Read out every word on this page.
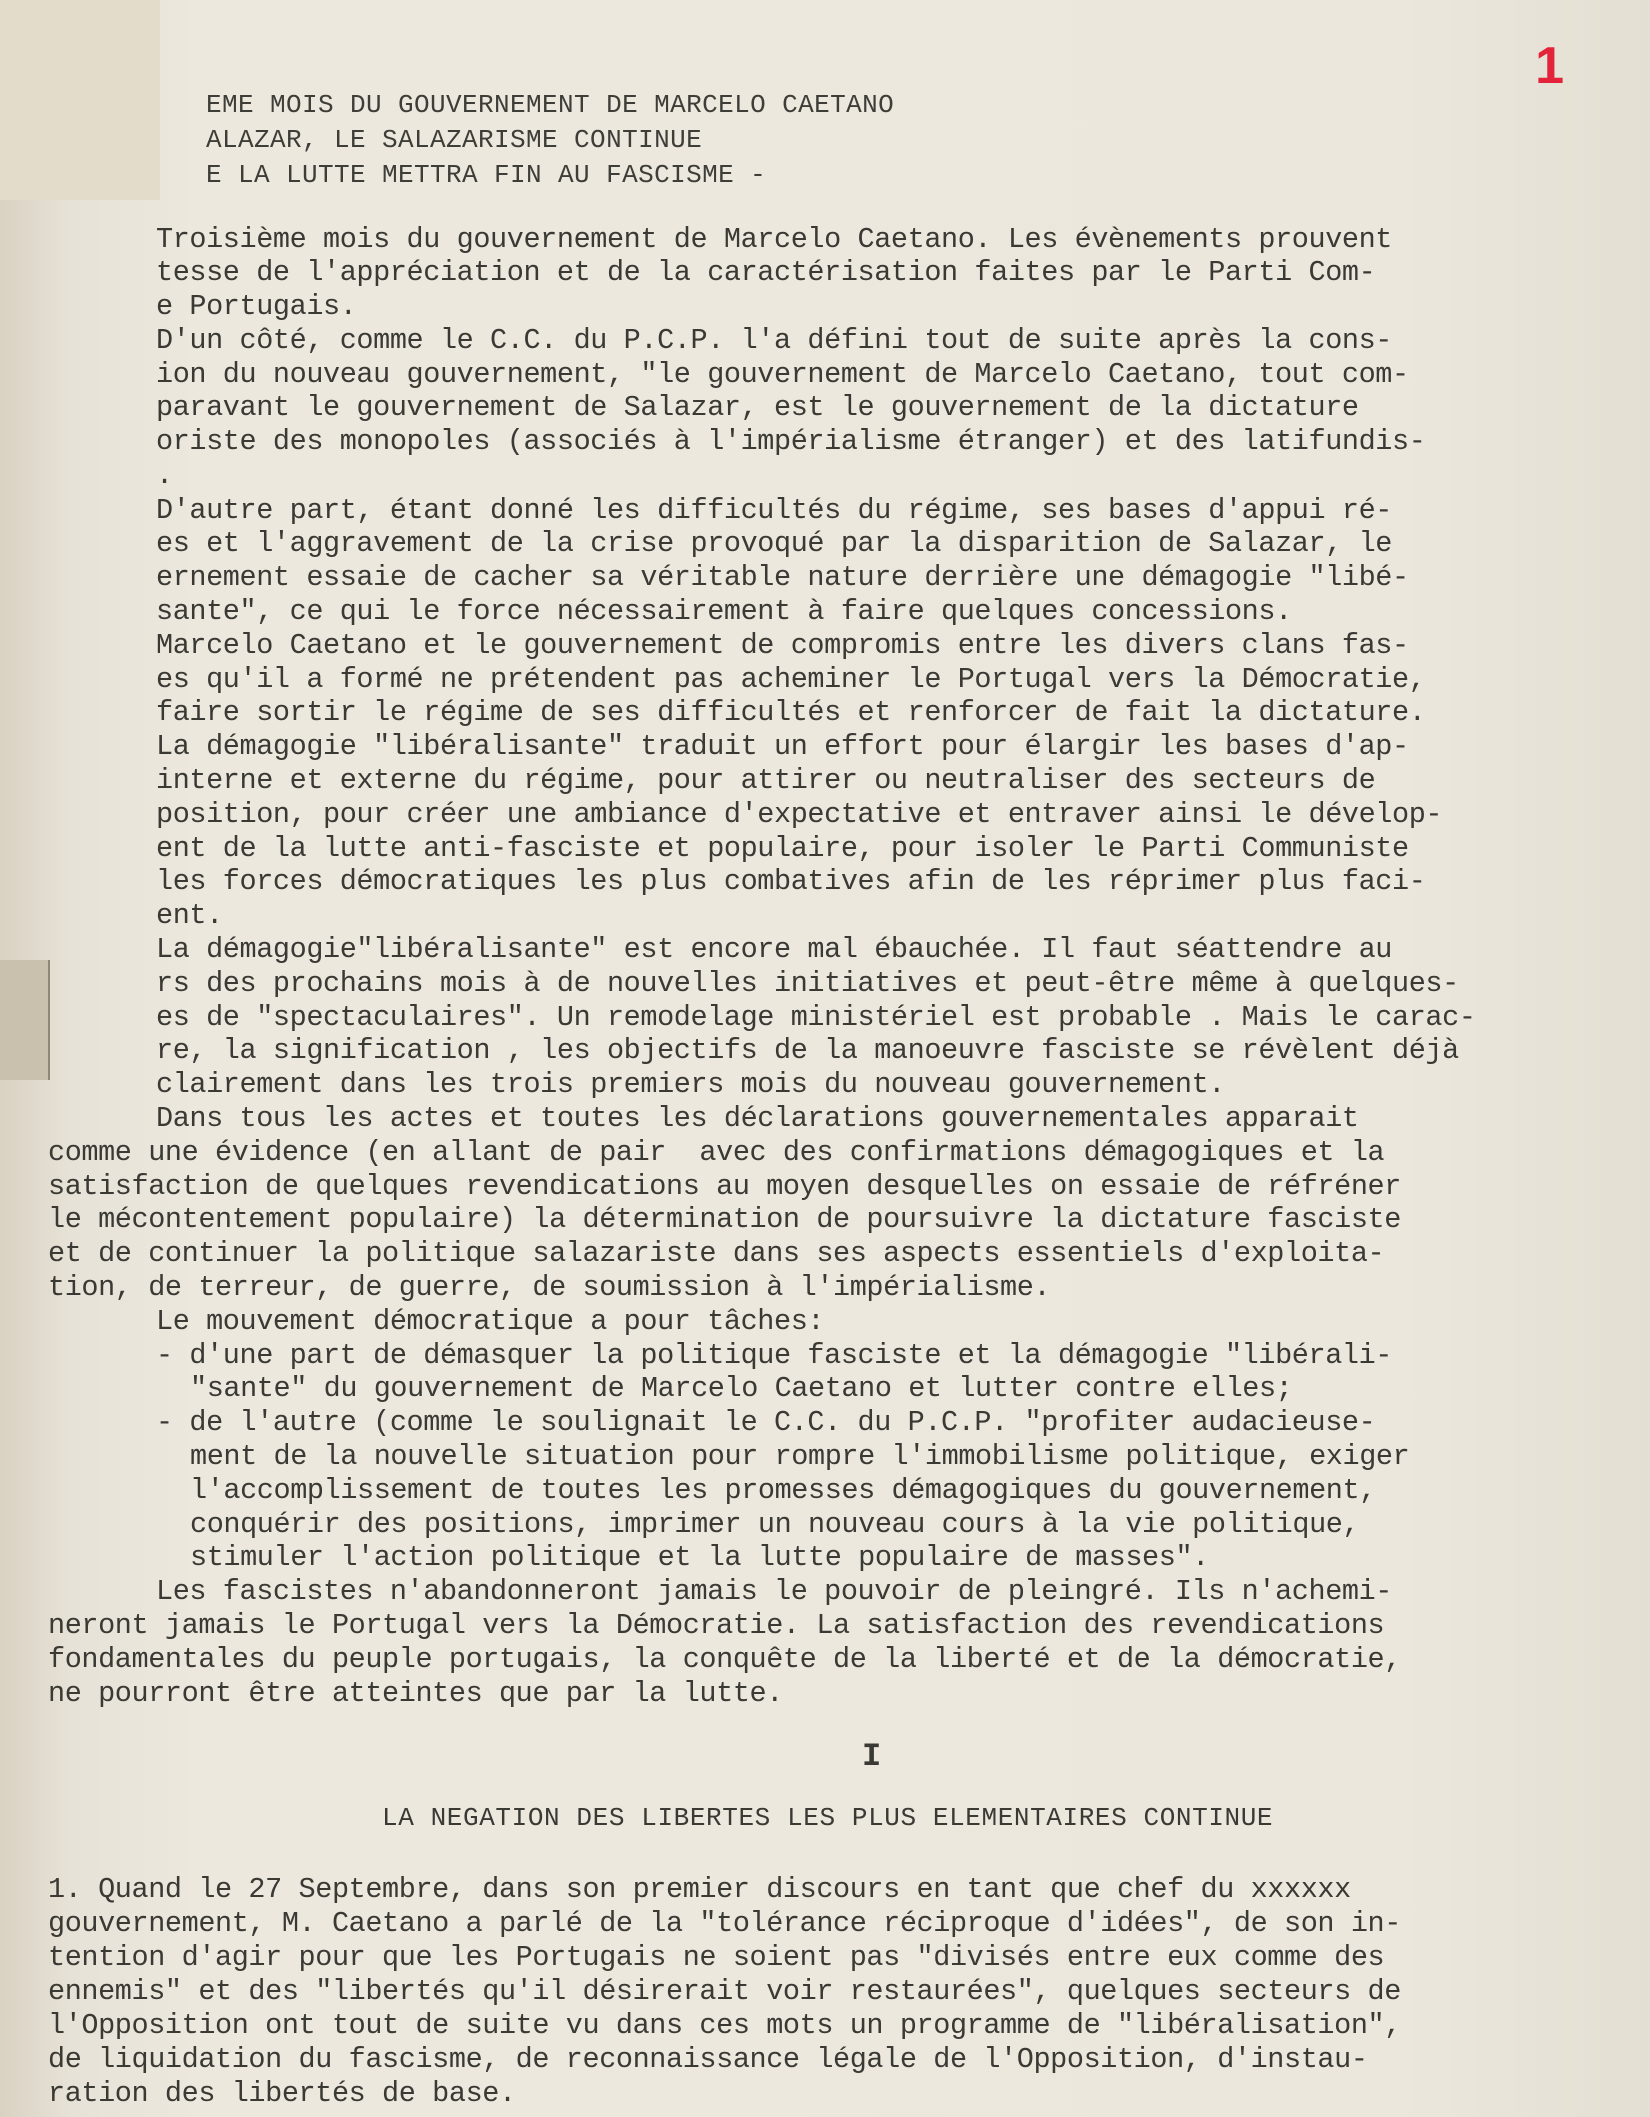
1
EME MOIS DU GOUVERNEMENT DE MARCELO CAETANO
ALAZAR, LE SALAZARISME CONTINUE
E LA LUTTE METTRA FIN AU FASCISME -
Troisième mois du gouvernement de Marcelo Caetano. Les évènements prouvent
tesse de l'appréciation et de la caractérisation faites par le Parti Com-
e Portugais.
D'un côté, comme le C.C. du P.C.P. l'a défini tout de suite après la cons-
ion du nouveau gouvernement, "le gouvernement de Marcelo Caetano, tout com-
paravant le gouvernement de Salazar, est le gouvernement de la dictature
oriste des monopoles (associés à l'impérialisme étranger) et des latifundis-
.
D'autre part, étant donné les difficultés du régime, ses bases d'appui ré-
es et l'aggravement de la crise provoqué par la disparition de Salazar, le
ernement essaie de cacher sa véritable nature derrière une démagogie "libé-
sante", ce qui le force nécessairement à faire quelques concessions.
Marcelo Caetano et le gouvernement de compromis entre les divers clans fas-
es qu'il a formé ne prétendent pas acheminer le Portugal vers la Démocratie,
faire sortir le régime de ses difficultés et renforcer de fait la dictature.
La démagogie "libéralisante" traduit un effort pour élargir les bases d'ap-
interne et externe du régime, pour attirer ou neutraliser des secteurs de
position, pour créer une ambiance d'expectative et entraver ainsi le dévelop-
ent de la lutte anti-fasciste et populaire, pour isoler le Parti Communiste
les forces démocratiques les plus combatives afin de les réprimer plus faci-
ent.
La démagogie"libéralisante" est encore mal ébauchée. Il faut séattendre au
rs des prochains mois à de nouvelles initiatives et peut-être même à quelques-
es de "spectaculaires". Un remodelage ministériel est probable . Mais le carac-
re, la signification , les objectifs de la manoeuvre fasciste se révèlent déjà
clairement dans les trois premiers mois du nouveau gouvernement.
Dans tous les actes et toutes les déclarations gouvernementales apparait
comme une évidence (en allant de pair  avec des confirmations démagogiques et la
satisfaction de quelques revendications au moyen desquelles on essaie de réfréner
le mécontentement populaire) la détermination de poursuivre la dictature fasciste
et de continuer la politique salazariste dans ses aspects essentiels d'exploita-
tion, de terreur, de guerre, de soumission à l'impérialisme.
Le mouvement démocratique a pour tâches:
- d'une part de démasquer la politique fasciste et la démagogie "libérali-
"sante" du gouvernement de Marcelo Caetano et lutter contre elles;
- de l'autre (comme le soulignait le C.C. du P.C.P. "profiter audacieuse-
ment de la nouvelle situation pour rompre l'immobilisme politique, exiger
l'accomplissement de toutes les promesses démagogiques du gouvernement,
conquérir des positions, imprimer un nouveau cours à la vie politique,
stimuler l'action politique et la lutte populaire de masses".
Les fascistes n'abandonneront jamais le pouvoir de pleingré. Ils n'achemi-
neront jamais le Portugal vers la Démocratie. La satisfaction des revendications
fondamentales du peuple portugais, la conquête de la liberté et de la démocratie,
ne pourront être atteintes que par la lutte.
I
LA NEGATION DES LIBERTES LES PLUS ELEMENTAIRES CONTINUE
1. Quand le 27 Septembre, dans son premier discours en tant que chef du xxxxxx
gouvernement, M. Caetano a parlé de la "tolérance réciproque d'idées", de son in-
tention d'agir pour que les Portugais ne soient pas "divisés entre eux comme des
ennemis" et des "libertés qu'il désirerait voir restaurées", quelques secteurs de
l'Opposition ont tout de suite vu dans ces mots un programme de "libéralisation",
de liquidation du fascisme, de reconnaissance légale de l'Opposition, d'instau-
ration des libertés de base.
